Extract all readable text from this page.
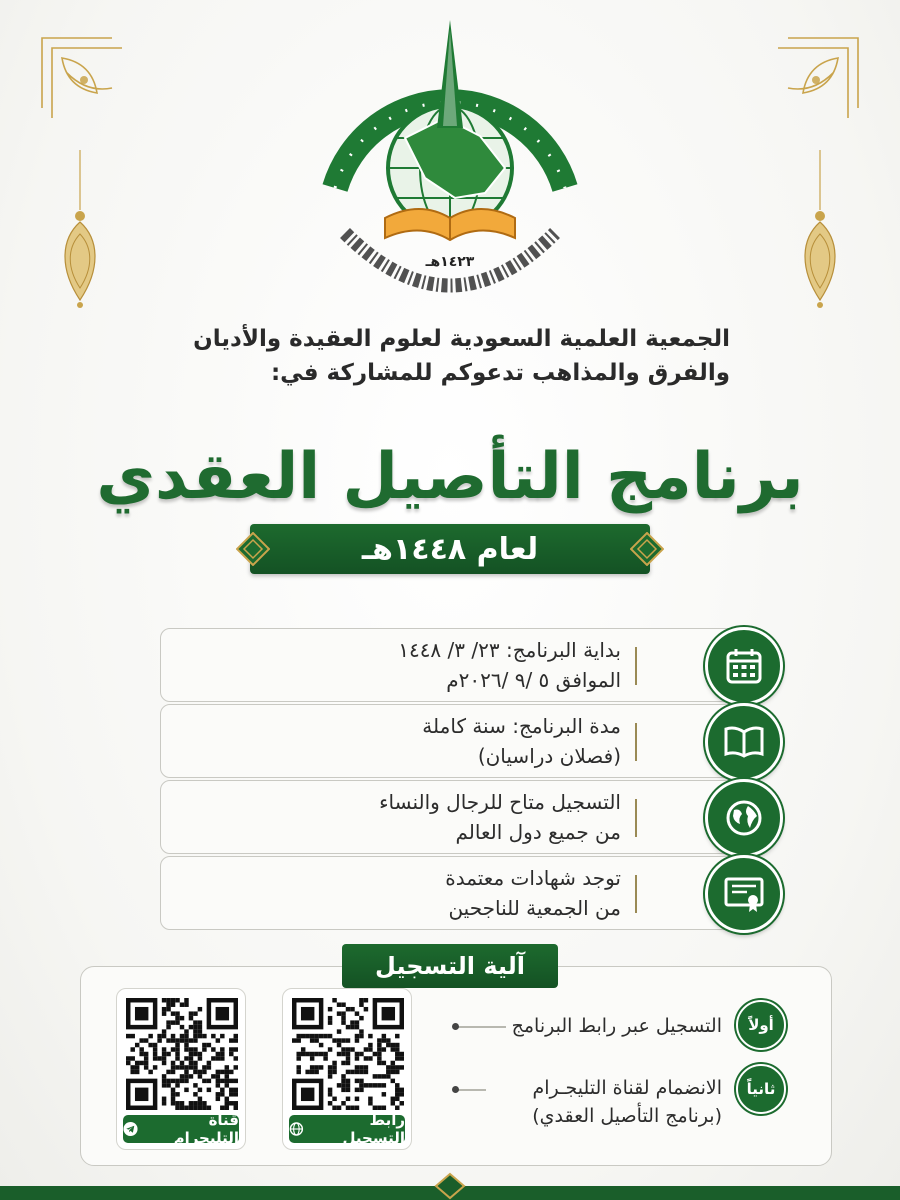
١٤٢٣هـ
الجمعية العلمية السعودية لعلوم العقيدة والأديان
والفرق والمذاهب تدعوكم للمشاركة في:
برنامج التأصيل العقدي
لعام ١٤٤٨هـ
بداية البرنامج: ٢٣/ ٣/ ١٤٤٨
الموافق ٥ /٩ /٢٠٢٦م
مدة البرنامج: سنة كاملة
(فصلان دراسيان)
التسجيل متاح للرجال والنساء
من جميع دول العالم
توجد شهادات معتمدة
من الجمعية للناجحين
آلية التسجيل
أولاً
التسجيل عبر رابط البرنامج
ثانياً
الانضمام لقناة التليجـرام
(برنامج التأصيل العقدي)
رابط التسجيل
قناة التليجرام
